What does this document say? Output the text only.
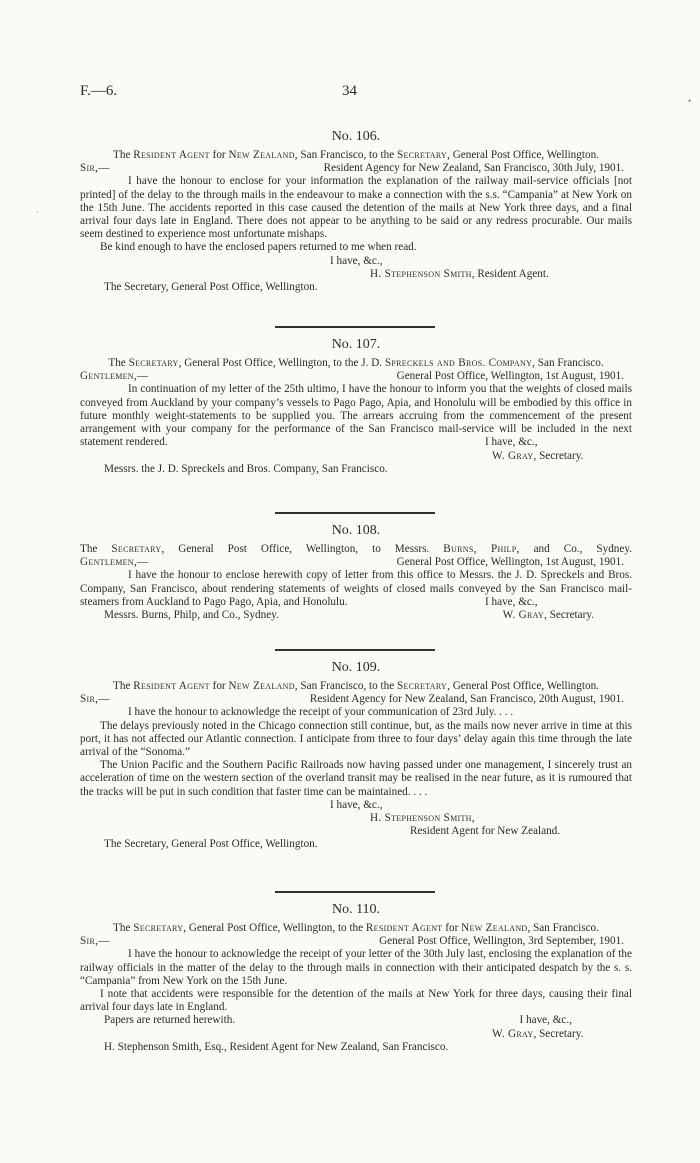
F.—6.	34
No. 106.
The Resident Agent for New Zealand, San Francisco, to the Secretary, General Post Office, Wellington.
Sir,—	Resident Agency for New Zealand, San Francisco, 30th July, 1901.
I have the honour to enclose for your information the explanation of the railway mail-service officials [not printed] of the delay to the through mails in the endeavour to make a connection with the s.s. “Campania” at New York on the 15th June. The accidents reported in this case caused the detention of the mails at New York three days, and a final arrival four days late in England. There does not appear to be anything to be said or any redress procurable. Our mails seem destined to experience most unfortunate mishaps.
Be kind enough to have the enclosed papers returned to me when read.
I have, &c.,
H. Stephenson Smith, Resident Agent.
The Secretary, General Post Office, Wellington.
No. 107.
The Secretary, General Post Office, Wellington, to the J. D. Spreckels and Bros. Company, San Francisco.
Gentlemen,—	General Post Office, Wellington, 1st August, 1901.
In continuation of my letter of the 25th ultimo, I have the honour to inform you that the weights of closed mails conveyed from Auckland by your company’s vessels to Pago Pago, Apia, and Honolulu will be embodied by this office in future monthly weight-statements to be supplied you. The arrears accruing from the commencement of the present arrangement with your company for the performance of the San Francisco mail-service will be included in the next statement rendered.	I have, &c.,
W. Gray, Secretary.
Messrs. the J. D. Spreckels and Bros. Company, San Francisco.
No. 108.
The Secretary, General Post Office, Wellington, to Messrs. Burns, Philp, and Co., Sydney.
Gentlemen,—	General Post Office, Wellington, 1st August, 1901.
I have the honour to enclose herewith copy of letter from this office to Messrs. the J. D. Spreckels and Bros. Company, San Francisco, about rendering statements of weights of closed mails conveyed by the San Francisco mail-steamers from Auckland to Pago Pago, Apia, and Honolulu.	I have, &c.,
Messrs. Burns, Philp, and Co., Sydney.	W. Gray, Secretary.
No. 109.
The Resident Agent for New Zealand, San Francisco, to the Secretary, General Post Office, Wellington.
Sir,—	Resident Agency for New Zealand, San Francisco, 20th August, 1901.
I have the honour to acknowledge the receipt of your communication of 23rd July. . . .
The delays previously noted in the Chicago connection still continue, but, as the mails now never arrive in time at this port, it has not affected our Atlantic connection. I anticipate from three to four days’ delay again this time through the late arrival of the “Sonoma.”
The Union Pacific and the Southern Pacific Railroads now having passed under one management, I sincerely trust an acceleration of time on the western section of the overland transit may be realised in the near future, as it is rumoured that the tracks will be put in such condition that faster time can be maintained. . . .
I have, &c.,
H. Stephenson Smith,
Resident Agent for New Zealand.
The Secretary, General Post Office, Wellington.
No. 110.
The Secretary, General Post Office, Wellington, to the Resident Agent for New Zealand, San Francisco.
Sir,—	General Post Office, Wellington, 3rd September, 1901.
I have the honour to acknowledge the receipt of your letter of the 30th July last, enclosing the explanation of the railway officials in the matter of the delay to the through mails in connection with their anticipated despatch by the s. s. “Campania” from New York on the 15th June.
I note that accidents were responsible for the detention of the mails at New York for three days, causing their final arrival four days late in England.
Papers are returned herewith.	I have, &c.,
W. Gray, Secretary.
H. Stephenson Smith, Esq., Resident Agent for New Zealand, San Francisco.
•
·
